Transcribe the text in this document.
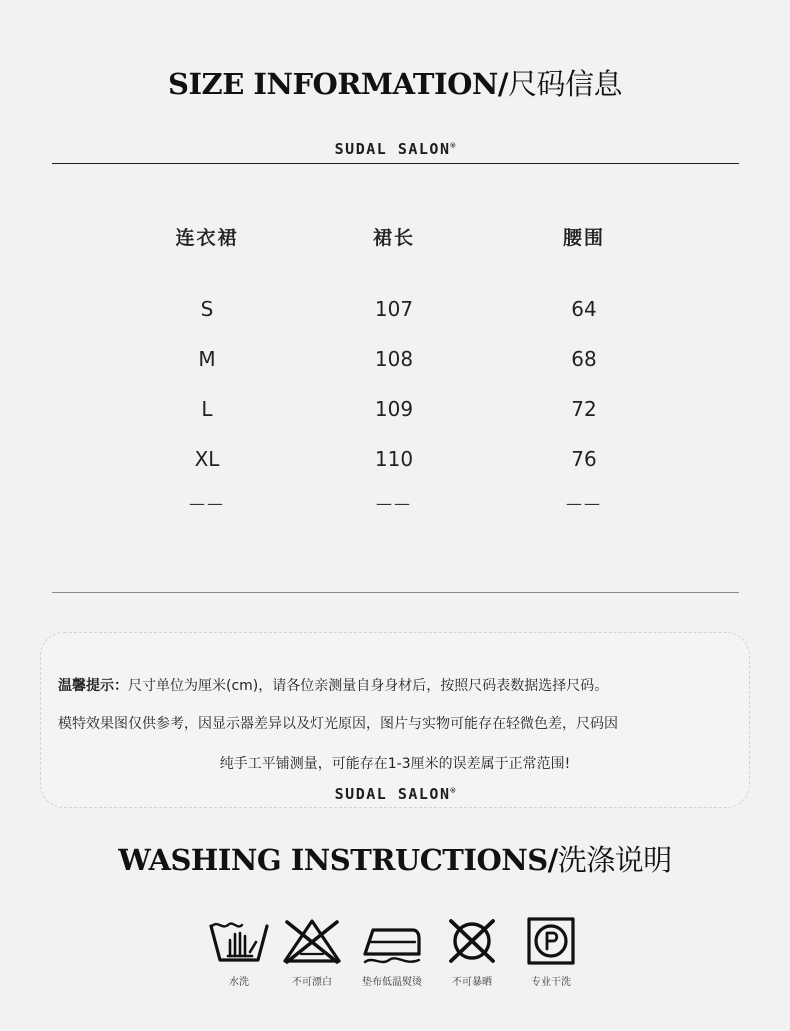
SIZE INFORMATION/尺码信息
SUDAL SALON®
连衣裙	裙长	腰围
S	107	64
M	108	68
L	109	72
XL	110	76
——	——	——
温馨提示：尺寸单位为厘米(cm)，请各位亲测量自身身材后，按照尺码表数据选择尺码。
模特效果图仅供参考，因显示器差异以及灯光原因，图片与实物可能存在轻微色差，尺码因
纯手工平铺测量，可能存在1-3厘米的误差属于正常范围!
SUDAL SALON®
WASHING INSTRUCTIONS/洗涤说明
水洗	不可漂白	垫布低温熨烫	不可暴晒	专业干洗
